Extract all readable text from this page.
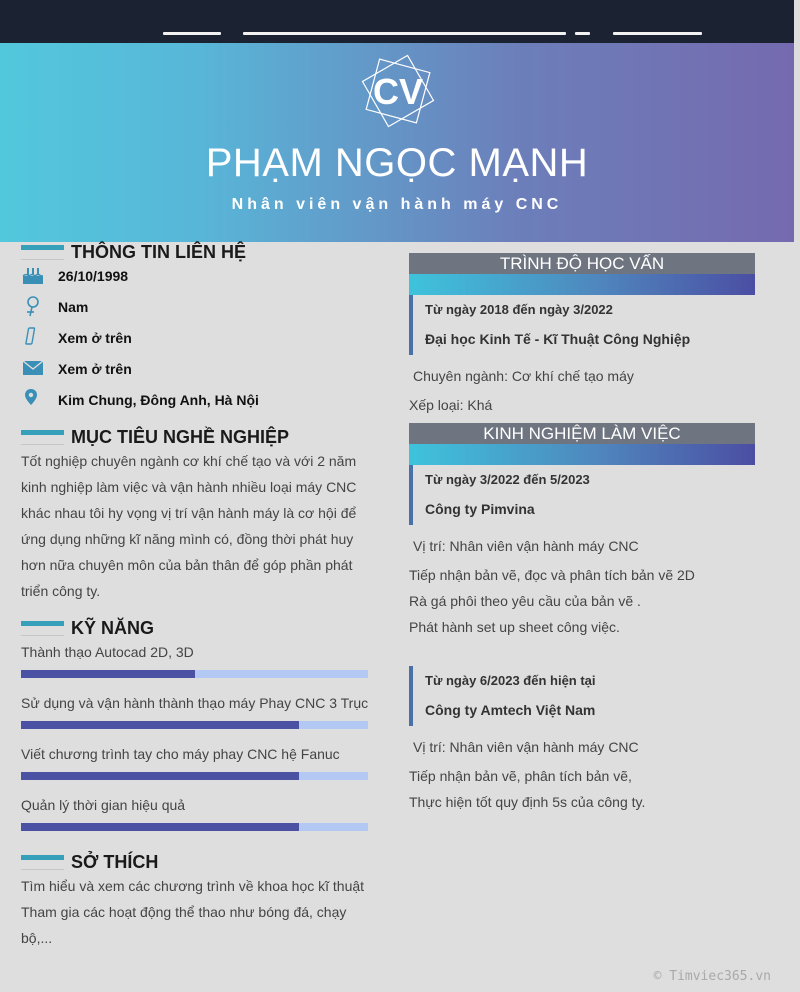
CV
PHẠM NGỌC MẠNH
Nhân viên vận hành máy CNC
THÔNG TIN LIÊN HỆ
26/10/1998
Nam
Xem ở trên
Xem ở trên
Kim Chung, Đông Anh, Hà Nội
MỤC TIÊU NGHỀ NGHIỆP
Tốt nghiệp chuyên ngành cơ khí chế tạo và với 2 năm
kinh nghiệp làm việc và vận hành nhiều loại máy CNC
khác nhau tôi hy vọng vị trí vận hành máy là cơ hội để
ứng dụng những kĩ năng mình có, đồng thời phát huy
hơn nữa chuyên môn của bản thân để góp phần phát
triển công ty.
KỸ NĂNG
Thành thạo Autocad 2D, 3D
Sử dụng và vận hành thành thạo máy Phay CNC 3 Trục
Viết chương trình tay cho máy phay CNC hệ Fanuc
Quản lý thời gian hiệu quả
SỞ THÍCH
Tìm hiểu và xem các chương trình về khoa học kĩ thuật
Tham gia các hoạt động thể thao như bóng đá, chạy
bộ,...
TRÌNH ĐỘ HỌC VẤN
Từ ngày 2018 đến ngày 3/2022
Đại học Kinh Tế - Kĩ Thuật Công Nghiệp
Chuyên ngành: Cơ khí chế tạo máy
Xếp loại: Khá
KINH NGHIỆM LÀM VIỆC
Từ ngày 3/2022 đến 5/2023
Công ty Pimvina
Vị trí: Nhân viên vận hành máy CNC
Tiếp nhận bản vẽ, đọc và phân tích bản vẽ 2D
Rà gá phôi theo yêu cầu của bản vẽ .
Phát hành set up sheet công việc.
Từ ngày 6/2023 đến hiện tại
Công ty Amtech Việt Nam
Vị trí: Nhân viên vận hành máy CNC
Tiếp nhận bản vẽ, phân tích bản vẽ,
Thực hiện tốt quy định 5s của công ty.
© Timviec365.vn
